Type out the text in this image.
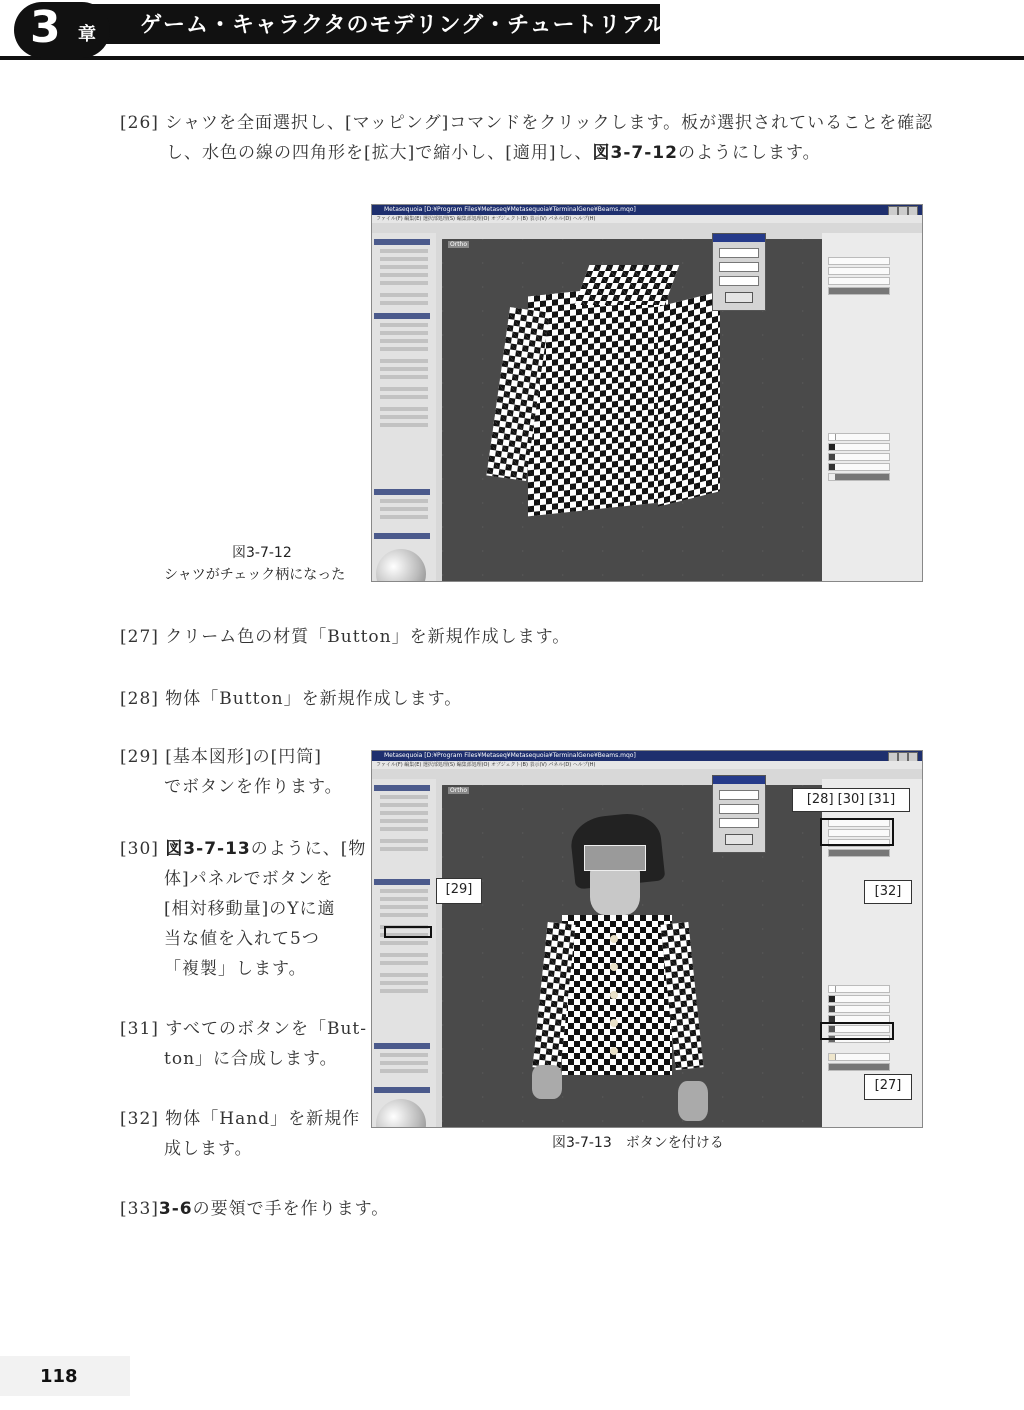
3 章 ゲーム・キャラクタのモデリング・チュートリアル
[26] シャツを全面選択し、[マッピング]コマンドをクリックします。板が選択されていることを確認
し、水色の線の四角形を[拡大]で縮小し、[適用]し、図3-7-12のようにします。
Metasequoia [D:¥Program Files¥Metaseq¥Metasequoia¥TerminalGene¥Beams.mqo]
ファイル(F) 編集(E) 選択部処理(S) 編集部処理(O) オブジェクト(B) 表示(V) パネル(D) ヘルプ(H)
Ortho
図3-7-12
シャツがチェック柄になった
[27] クリーム色の材質「Button」を新規作成します。
[28] 物体「Button」を新規作成します。
[29] [基本図形]の[円筒]
でボタンを作ります。
[30] 図3-7-13のように、[物
体]パネルでボタンを
[相対移動量]のYに適
当な値を入れて5つ
「複製」します。
[31] すべてのボタンを「But-
ton」に合成します。
[32] 物体「Hand」を新規作
成します。
Metasequoia [D:¥Program Files¥Metaseq¥Metasequoia¥TerminalGene¥Beams.mqo]
ファイル(F) 編集(E) 選択部処理(S) 編集部処理(O) オブジェクト(B) 表示(V) パネル(D) ヘルプ(H)
Ortho
[28] [30] [31]
[32]
[29]
[27]
図3-7-13　ボタンを付ける
[33]3-6の要領で手を作ります。
118
